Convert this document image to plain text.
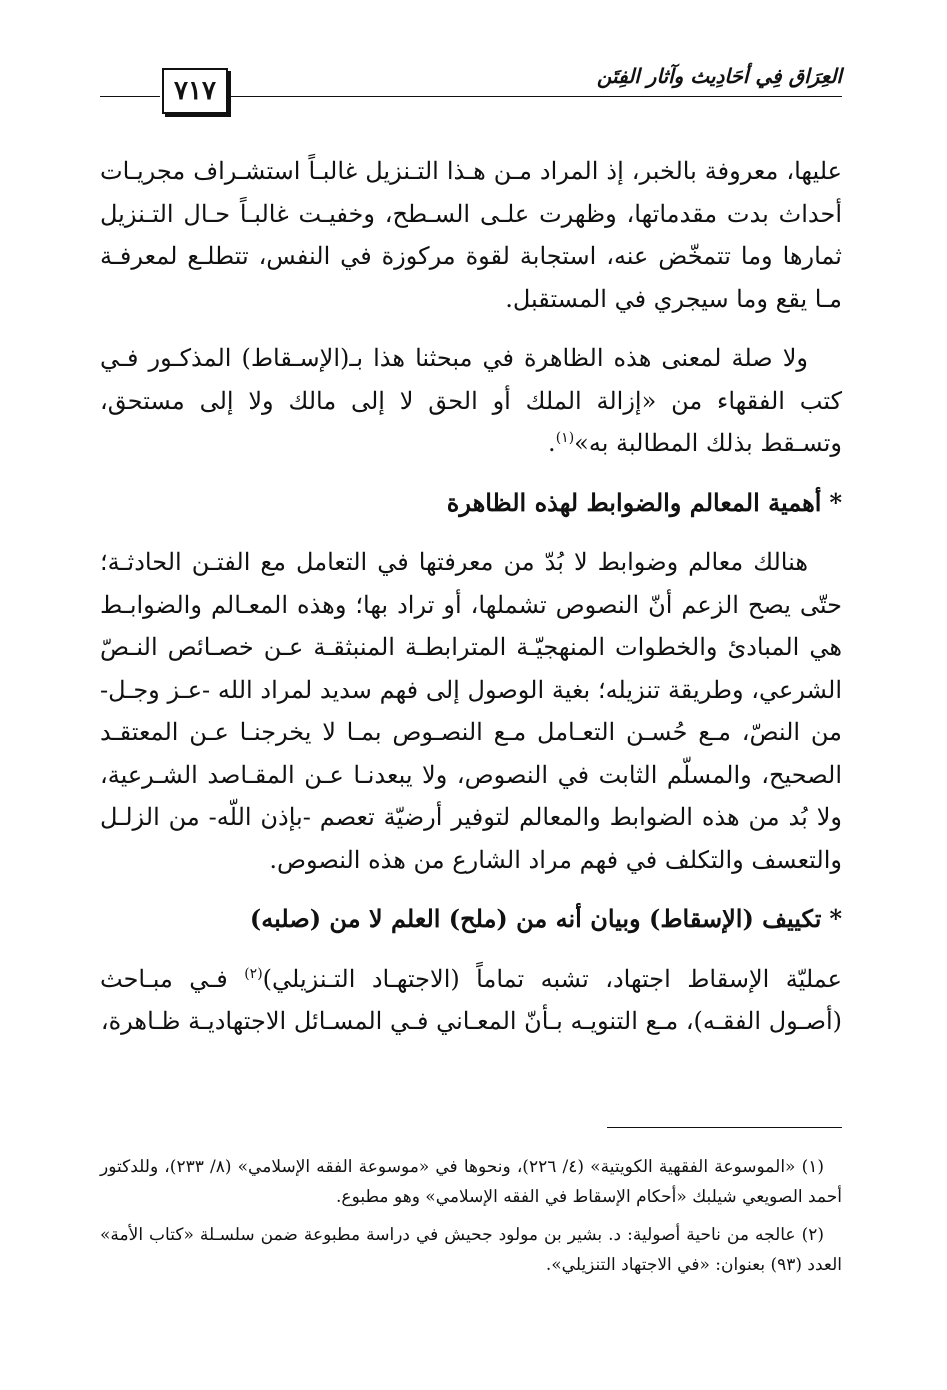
٧١٧	العِرَاق فِي أحَادِيث وآثار الفِتَن

عليها، معروفة بالخبر، إذ المراد مـن هـذا التـنزيل غالبـاً استشـراف مجريـات أحداث بدت مقدماتها، وظهرت علـى السـطح، وخفيـت غالبـاً حـال التـنزيل ثمارها وما تتمخّض عنه، استجابة لقوة مركوزة في النفس، تتطلـع لمعرفـة مـا يقع وما سيجري في المستقبل.

ولا صلة لمعنى هذه الظاهرة في مبحثنا هذا بـ(الإسـقاط) المذكـور فـي كتب الفقهاء من «إزالة الملك أو الحق لا إلى مالك ولا إلى مستحق، وتسـقط بذلك المطالبة به»$^{(١)}$.

*أهمية المعالم والضوابط لهذه الظاهرة

هنالك معالم وضوابط لا بُدّ من معرفتها في التعامل مع الفتـن الحادثـة؛ حتّى يصح الزعم أنّ النصوص تشملها، أو تراد بها؛ وهذه المعـالم والضوابـط هي المبادئ والخطوات المنهجيّـة المترابطـة المنبثقـة عـن خصـائص النـصّ الشرعي، وطريقة تنزيله؛ بغية الوصول إلى فهم سديد لمراد الله -عـز وجـل- من النصّ، مـع حُسـن التعـامل مـع النصـوص بمـا لا يخرجنـا عـن المعتقـد الصحيح، والمسلّم الثابت في النصوص، ولا يبعدنـا عـن المقـاصد الشـرعية، ولا بُد من هذه الضوابط والمعالم لتوفير أرضيّة تعصم -بإذن اللّه- من الزلـل والتعسف والتكلف في فهم مراد الشارع من هذه النصوص.

*تكييف (الإسقاط) وبيان أنه من (ملح) العلم لا من (صلبه)

عمليّة الإسقاط اجتهاد، تشبه تماماً (الاجتهـاد التـنزيلي)$^{(٢)}$ فـي مبـاحث (أصـول الفقـه)، مـع التنويـه بـأنّ المعـاني فـي المسـائل الاجتهاديـة ظـاهرة،

(١) «الموسوعة الفقهية الكويتية» (٤/ ٢٢٦)، ونحوها في «موسوعة الفقه الإسلامي» (٨/ ٢٣٣)، وللدكتور أحمد الصويعي شيلبك «أحكام الإسقاط في الفقه الإسلامي» وهو مطبوع.

(٢) عالجه من ناحية أصولية: د. بشير بن مولود جحيش في دراسة مطبوعة ضمن سلسـلة «كتاب الأمة» العدد (٩٣) بعنوان: «في الاجتهاد التنزيلي».
